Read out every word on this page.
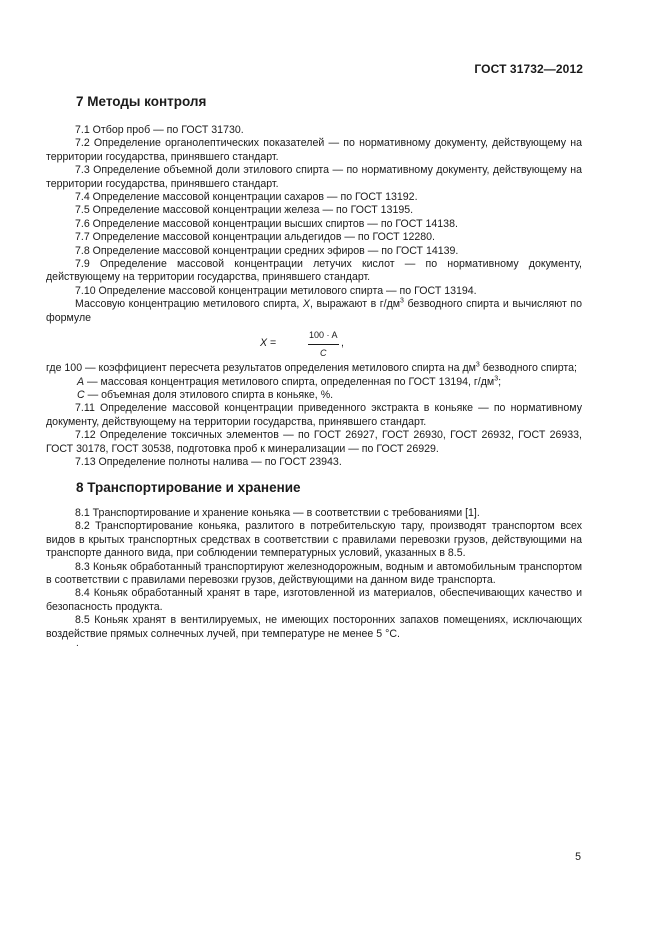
ГОСТ 31732—2012
7 Методы контроля

7.1 Отбор проб — по ГОСТ 31730.

7.2 Определение органолептических показателей — по нормативному документу, действующему на территории государства, принявшего стандарт.

7.3 Определение объемной доли этилового спирта — по нормативному документу, действующему на территории государства, принявшего стандарт.

7.4 Определение массовой концентрации сахаров — по ГОСТ 13192.

7.5 Определение массовой концентрации железа — по ГОСТ 13195.

7.6 Определение массовой концентрации высших спиртов — по ГОСТ 14138.

7.7 Определение массовой концентрации альдегидов — по ГОСТ 12280.

7.8 Определение массовой концентрации средних эфиров — по ГОСТ 14139.

7.9 Определение массовой концентрации летучих кислот — по нормативному документу, действующему на территории государства, принявшего стандарт.

7.10 Определение массовой концентрации метилового спирта — по ГОСТ 13194.

Массовую концентрацию метилового спирта, X, выражают в $г/дм^3$ безводного спирта и вычисляют по формуле

X =	$\frac{100 \cdot A}{C}$ ,

где 100 — коэффициент пересчета результатов определения метилового спирта на $дм^3$ безводного спирта;

A — массовая концентрация метилового спирта, определенная по ГОСТ 13194, $г/дм^3$;

C — объемная доля этилового спирта в коньяке, %.

7.11 Определение массовой концентрации приведенного экстракта в коньяке — по нормативному документу, действующему на территории государства, принявшего стандарт.

7.12 Определение токсичных элементов — по ГОСТ 26927, ГОСТ 26930, ГОСТ 26932, ГОСТ 26933, ГОСТ 30178, ГОСТ 30538, подготовка проб к минерализации — по ГОСТ 26929.

7.13 Определение полноты налива — по ГОСТ 23943.

8 Транспортирование и хранение

8.1 Транспортирование и хранение коньяка — в соответствии с требованиями [1].

8.2 Транспортирование коньяка, разлитого в потребительскую тару, производят транспортом всех видов в крытых транспортных средствах в соответствии с правилами перевозки грузов, действующими на транспорте данного вида, при соблюдении температурных условий, указанных в 8.5.

8.3 Коньяк обработанный транспортируют железнодорожным, водным и автомобильным транспортом в соответствии с правилами перевозки грузов, действующими на данном виде транспорта.

8.4 Коньяк обработанный хранят в таре, изготовленной из материалов, обеспечивающих качество и безопасность продукта.

8.5 Коньяк хранят в вентилируемых, не имеющих посторонних запахов помещениях, исключающих воздействие прямых солнечных лучей, при температуре не менее 5 °С.

.
5
